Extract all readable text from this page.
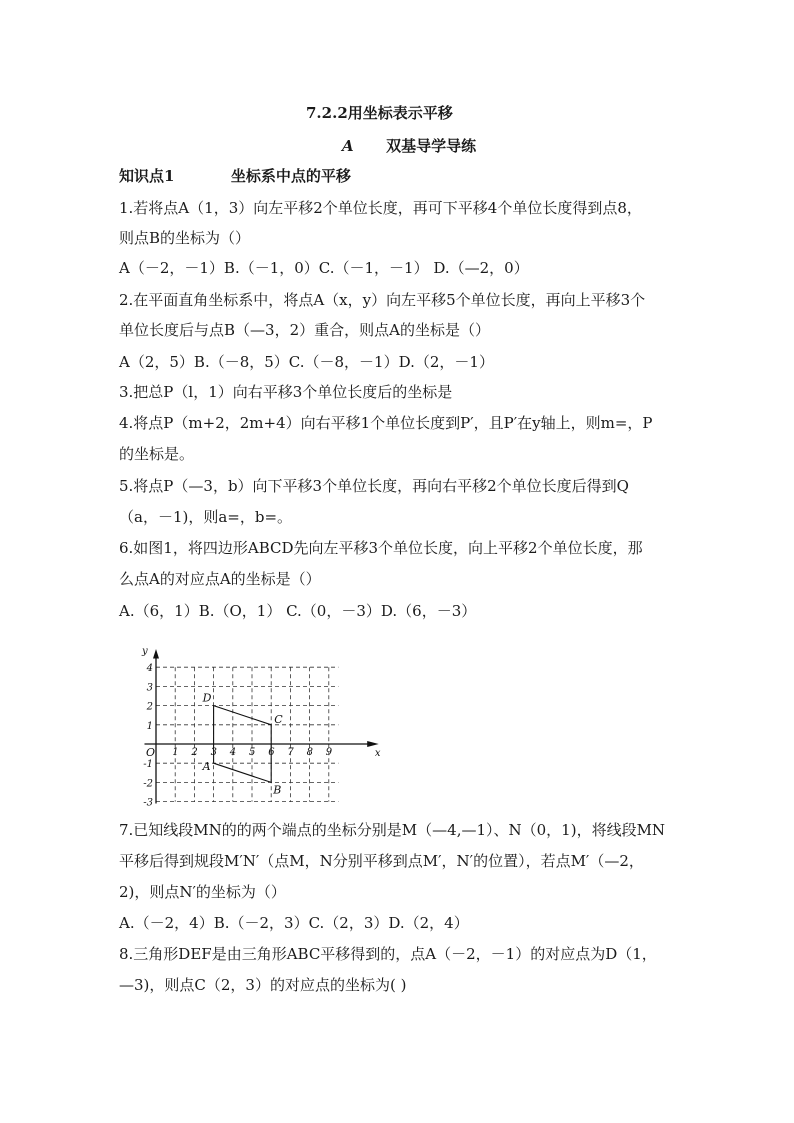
7.2.2用坐标表示平移
A 双基导学导练
知识点1	坐标系中点的平移
1.若将点A（1，3）向左平移2个单位长度，再可下平移4个单位长度得到点8，
则点B的坐标为（）
A（－2，－1）B.（－1，0）C.（－1，－1） D.（—2，0）
2.在平面直角坐标系中，将点A（x，y）向左平移5个单位长度，再向上平移3个
单位长度后与点B（—3，2）重合，则点A的坐标是（）
A（2，5）B.（－8，5）C.（－8，－1）D.（2，－1）
3.把总P（l，1）向右平移3个单位长度后的坐标是
4.将点P（m+2，2m+4）向右平移1个单位长度到P′，且P′在y轴上，则m=，P
的坐标是。
5.将点P（—3，b）向下平移3个单位长度，再向右平移2个单位长度后得到Q
（a，－1)，则a=，b=。
6.如图1，将四边形ABCD先向左平移3个单位长度，向上平移2个单位长度，那
么点A的对应点A的坐标是（）
A.（6，1）B.（O，1） C.（0，－3）D.（6，－3）
x
y
O 1 2 3 4 5 6 7 8 9
4
3
2
1
-1
-2
-3
A
B
C
D
7.已知线段MN的的两个端点的坐标分别是M（—4,—1）、N（0，1)，将线段MN
平移后得到规段M′N′（点M，N分别平移到点M′，N′的位置），若点M′（—2，
2)，则点N′的坐标为（）
A.（－2，4）B.（－2，3）C.（2，3）D.（2，4）
8.三角形DEF是由三角形ABC平移得到的，点A（－2，－1）的对应点为D（1，
—3)，则点C（2，3）的对应点的坐标为( )
